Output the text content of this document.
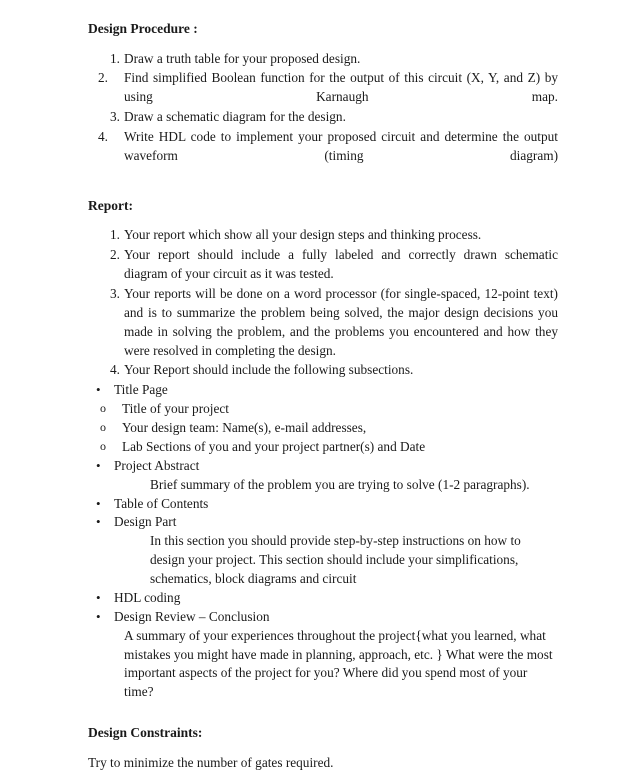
Design Procedure :
1. Draw a truth table for your proposed design.
2.	Find simplified Boolean function for the output of this circuit (X, Y, and Z) by using Karnaugh map.
3. Draw a schematic diagram for the design.
4.	Write HDL code to implement your proposed circuit and determine the output waveform (timing diagram)
Report:
1. Your report which show all your design steps and thinking process.
2. Your report should include a fully labeled and correctly drawn schematic diagram of your circuit as it was tested.
3. Your reports will be done on a word processor (for single-spaced, 12-point text) and is to summarize the problem being solved, the major design decisions you made in solving the problem, and the problems you encountered and how they were resolved in completing the design.
4. Your Report should include the following subsections.
• Title Page
o Title of your project
o Your design team: Name(s), e-mail addresses,
o Lab Sections of you and your project partner(s) and Date
• Project Abstract
Brief summary of the problem you are trying to solve (1-2 paragraphs).
• Table of Contents
• Design Part
In this section you should provide step-by-step instructions on how to design your project. This section should include your simplifications, schematics, block diagrams and circuit
• HDL coding
• Design Review – Conclusion
A summary of your experiences throughout the project{what you learned, what mistakes you might have made in planning, approach, etc. } What were the most important aspects of the project for you? Where did you spend most of your time?
Design Constraints:
Try to minimize the number of gates required.
